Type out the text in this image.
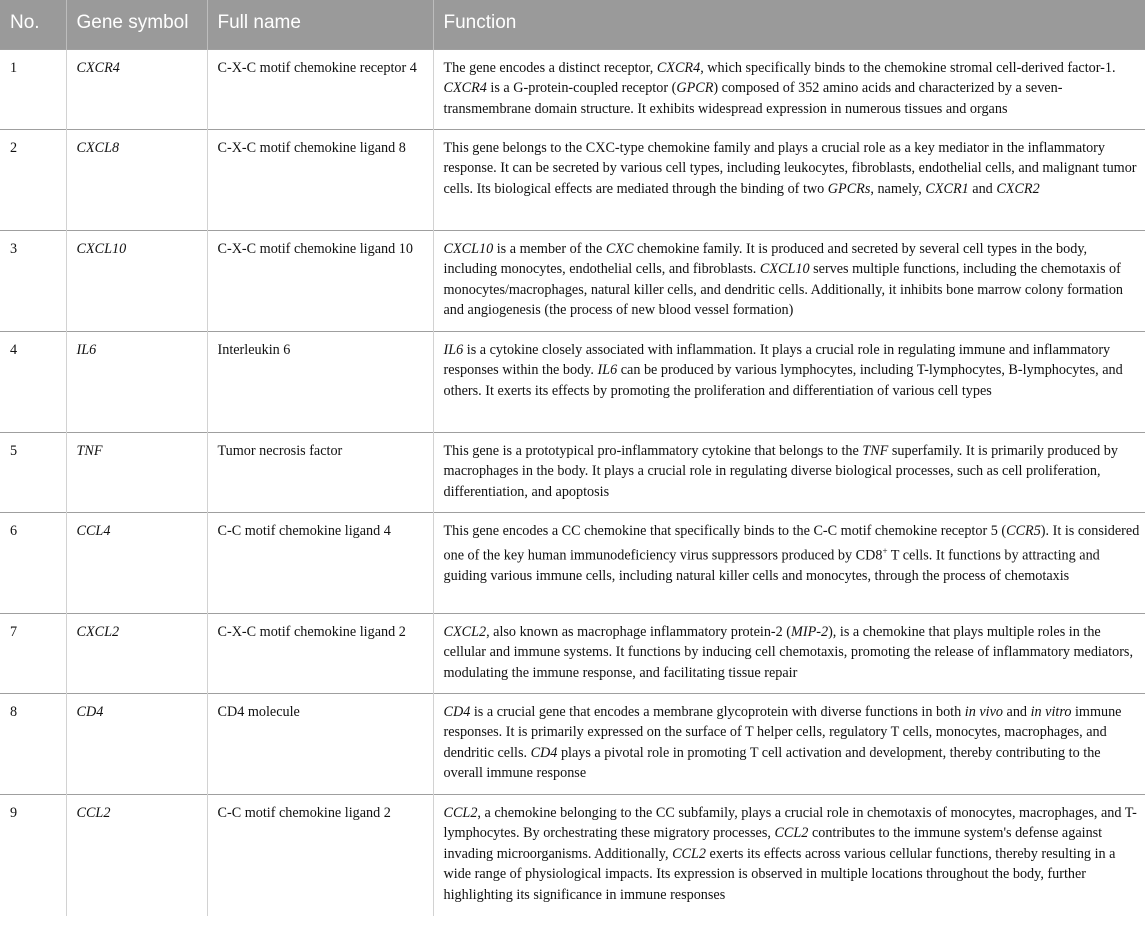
No.	Gene symbol	Full name	Function
1	CXCR4	C-X-C motif chemokine receptor 4	The gene encodes a distinct receptor, CXCR4, which specifically binds to the chemokine stromal cell-derived factor-1. CXCR4 is a G-protein-coupled receptor (GPCR) composed of 352 amino acids and characterized by a seven-transmembrane domain structure. It exhibits widespread expression in numerous tissues and organs
2	CXCL8	C-X-C motif chemokine ligand 8	This gene belongs to the CXC-type chemokine family and plays a crucial role as a key mediator in the inflammatory response. It can be secreted by various cell types, including leukocytes, fibroblasts, endothelial cells, and malignant tumor cells. Its biological effects are mediated through the binding of two GPCRs, namely, CXCR1 and CXCR2
3	CXCL10	C-X-C motif chemokine ligand 10	CXCL10 is a member of the CXC chemokine family. It is produced and secreted by several cell types in the body, including monocytes, endothelial cells, and fibroblasts. CXCL10 serves multiple functions, including the chemotaxis of monocytes/macrophages, natural killer cells, and dendritic cells. Additionally, it inhibits bone marrow colony formation and angiogenesis (the process of new blood vessel formation)
4	IL6	Interleukin 6	IL6 is a cytokine closely associated with inflammation. It plays a crucial role in regulating immune and inflammatory responses within the body. IL6 can be produced by various lymphocytes, including T-lymphocytes, B-lymphocytes, and others. It exerts its effects by promoting the proliferation and differentiation of various cell types
5	TNF	Tumor necrosis factor	This gene is a prototypical pro-inflammatory cytokine that belongs to the TNF superfamily. It is primarily produced by macrophages in the body. It plays a crucial role in regulating diverse biological processes, such as cell proliferation, differentiation, and apoptosis
6	CCL4	C-C motif chemokine ligand 4	This gene encodes a CC chemokine that specifically binds to the C-C motif chemokine receptor 5 (CCR5). It is considered one of the key human immunodeficiency virus suppressors produced by CD8+ T cells. It functions by attracting and guiding various immune cells, including natural killer cells and monocytes, through the process of chemotaxis
7	CXCL2	C-X-C motif chemokine ligand 2	CXCL2, also known as macrophage inflammatory protein-2 (MIP-2), is a chemokine that plays multiple roles in the cellular and immune systems. It functions by inducing cell chemotaxis, promoting the release of inflammatory mediators, modulating the immune response, and facilitating tissue repair
8	CD4	CD4 molecule	CD4 is a crucial gene that encodes a membrane glycoprotein with diverse functions in both in vivo and in vitro immune responses. It is primarily expressed on the surface of T helper cells, regulatory T cells, monocytes, macrophages, and dendritic cells. CD4 plays a pivotal role in promoting T cell activation and development, thereby contributing to the overall immune response
9	CCL2	C-C motif chemokine ligand 2	CCL2, a chemokine belonging to the CC subfamily, plays a crucial role in chemotaxis of monocytes, macrophages, and T-lymphocytes. By orchestrating these migratory processes, CCL2 contributes to the immune system's defense against invading microorganisms. Additionally, CCL2 exerts its effects across various cellular functions, thereby resulting in a wide range of physiological impacts. Its expression is observed in multiple locations throughout the body, further highlighting its significance in immune responses
